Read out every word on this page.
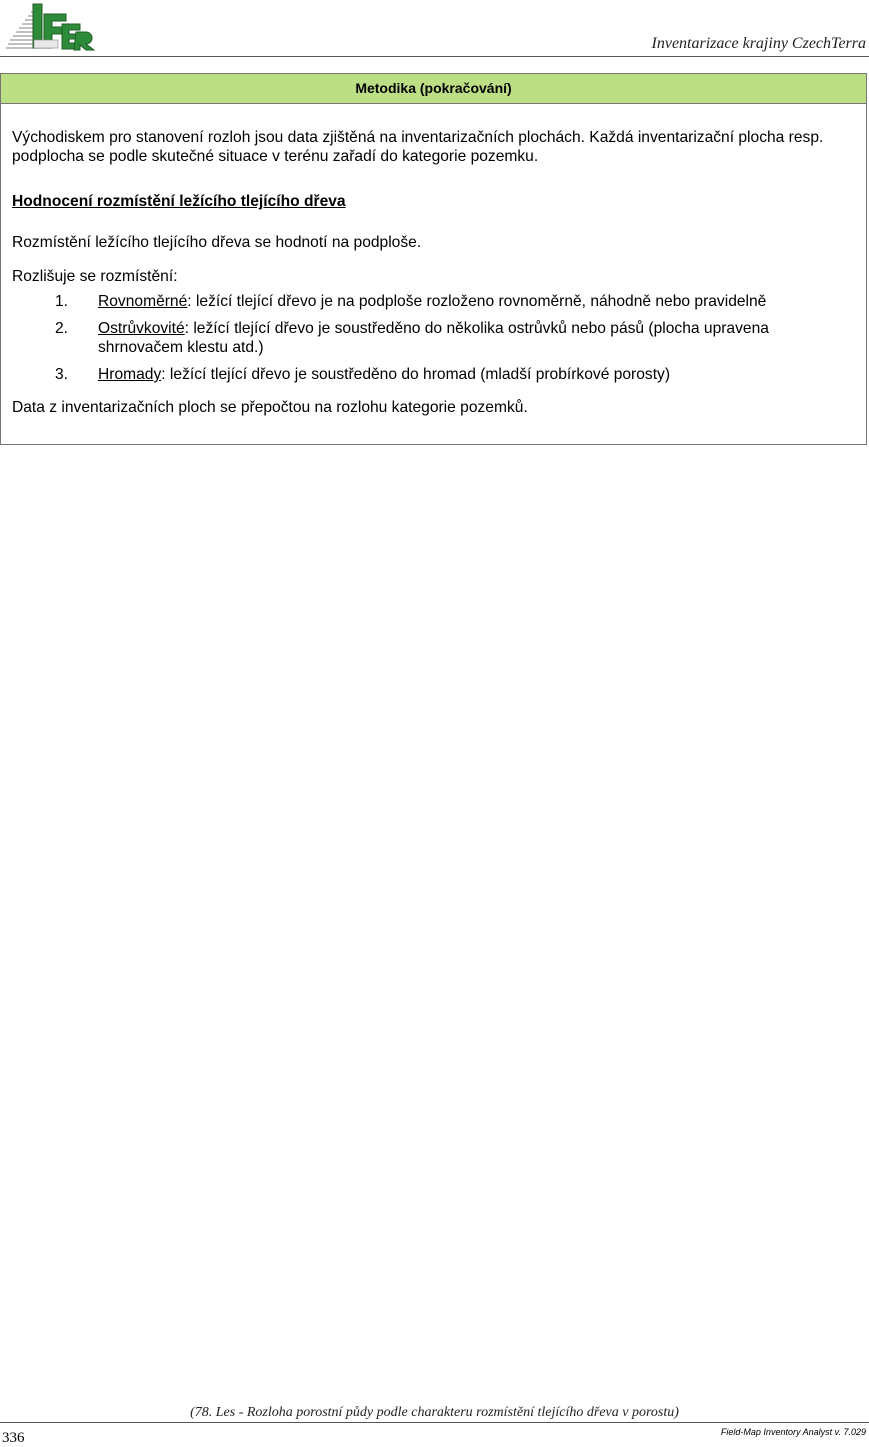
Inventarizace krajiny CzechTerra
Metodika (pokračování)

Východiskem pro stanovení rozloh jsou data zjištěná na inventarizačních plochách. Každá inventarizační plocha resp. podplocha se podle skutečné situace v terénu zařadí do kategorie pozemku.

Hodnocení rozmístění ležícího tlejícího dřeva

Rozmístění ležícího tlejícího dřeva se hodnotí na podploše.

Rozlišuje se rozmístění:

1.	Rovnoměrné: ležící tlející dřevo je na podploše rozloženo rovnoměrně, náhodně nebo pravidelně
2.	Ostrůvkovité: ležící tlející dřevo je soustředěno do několika ostrůvků nebo pásů (plocha upravena shrnovačem klestu atd.)
3.	Hromady: ležící tlející dřevo je soustředěno do hromad (mladší probírkové porosty)

Data z inventarizačních ploch se přepočtou na rozlohu kategorie pozemků.

(78. Les - Rozloha porostní půdy podle charakteru rozmístění tlejícího dřeva v porostu)
336	Field-Map Inventory Analyst v. 7.029
